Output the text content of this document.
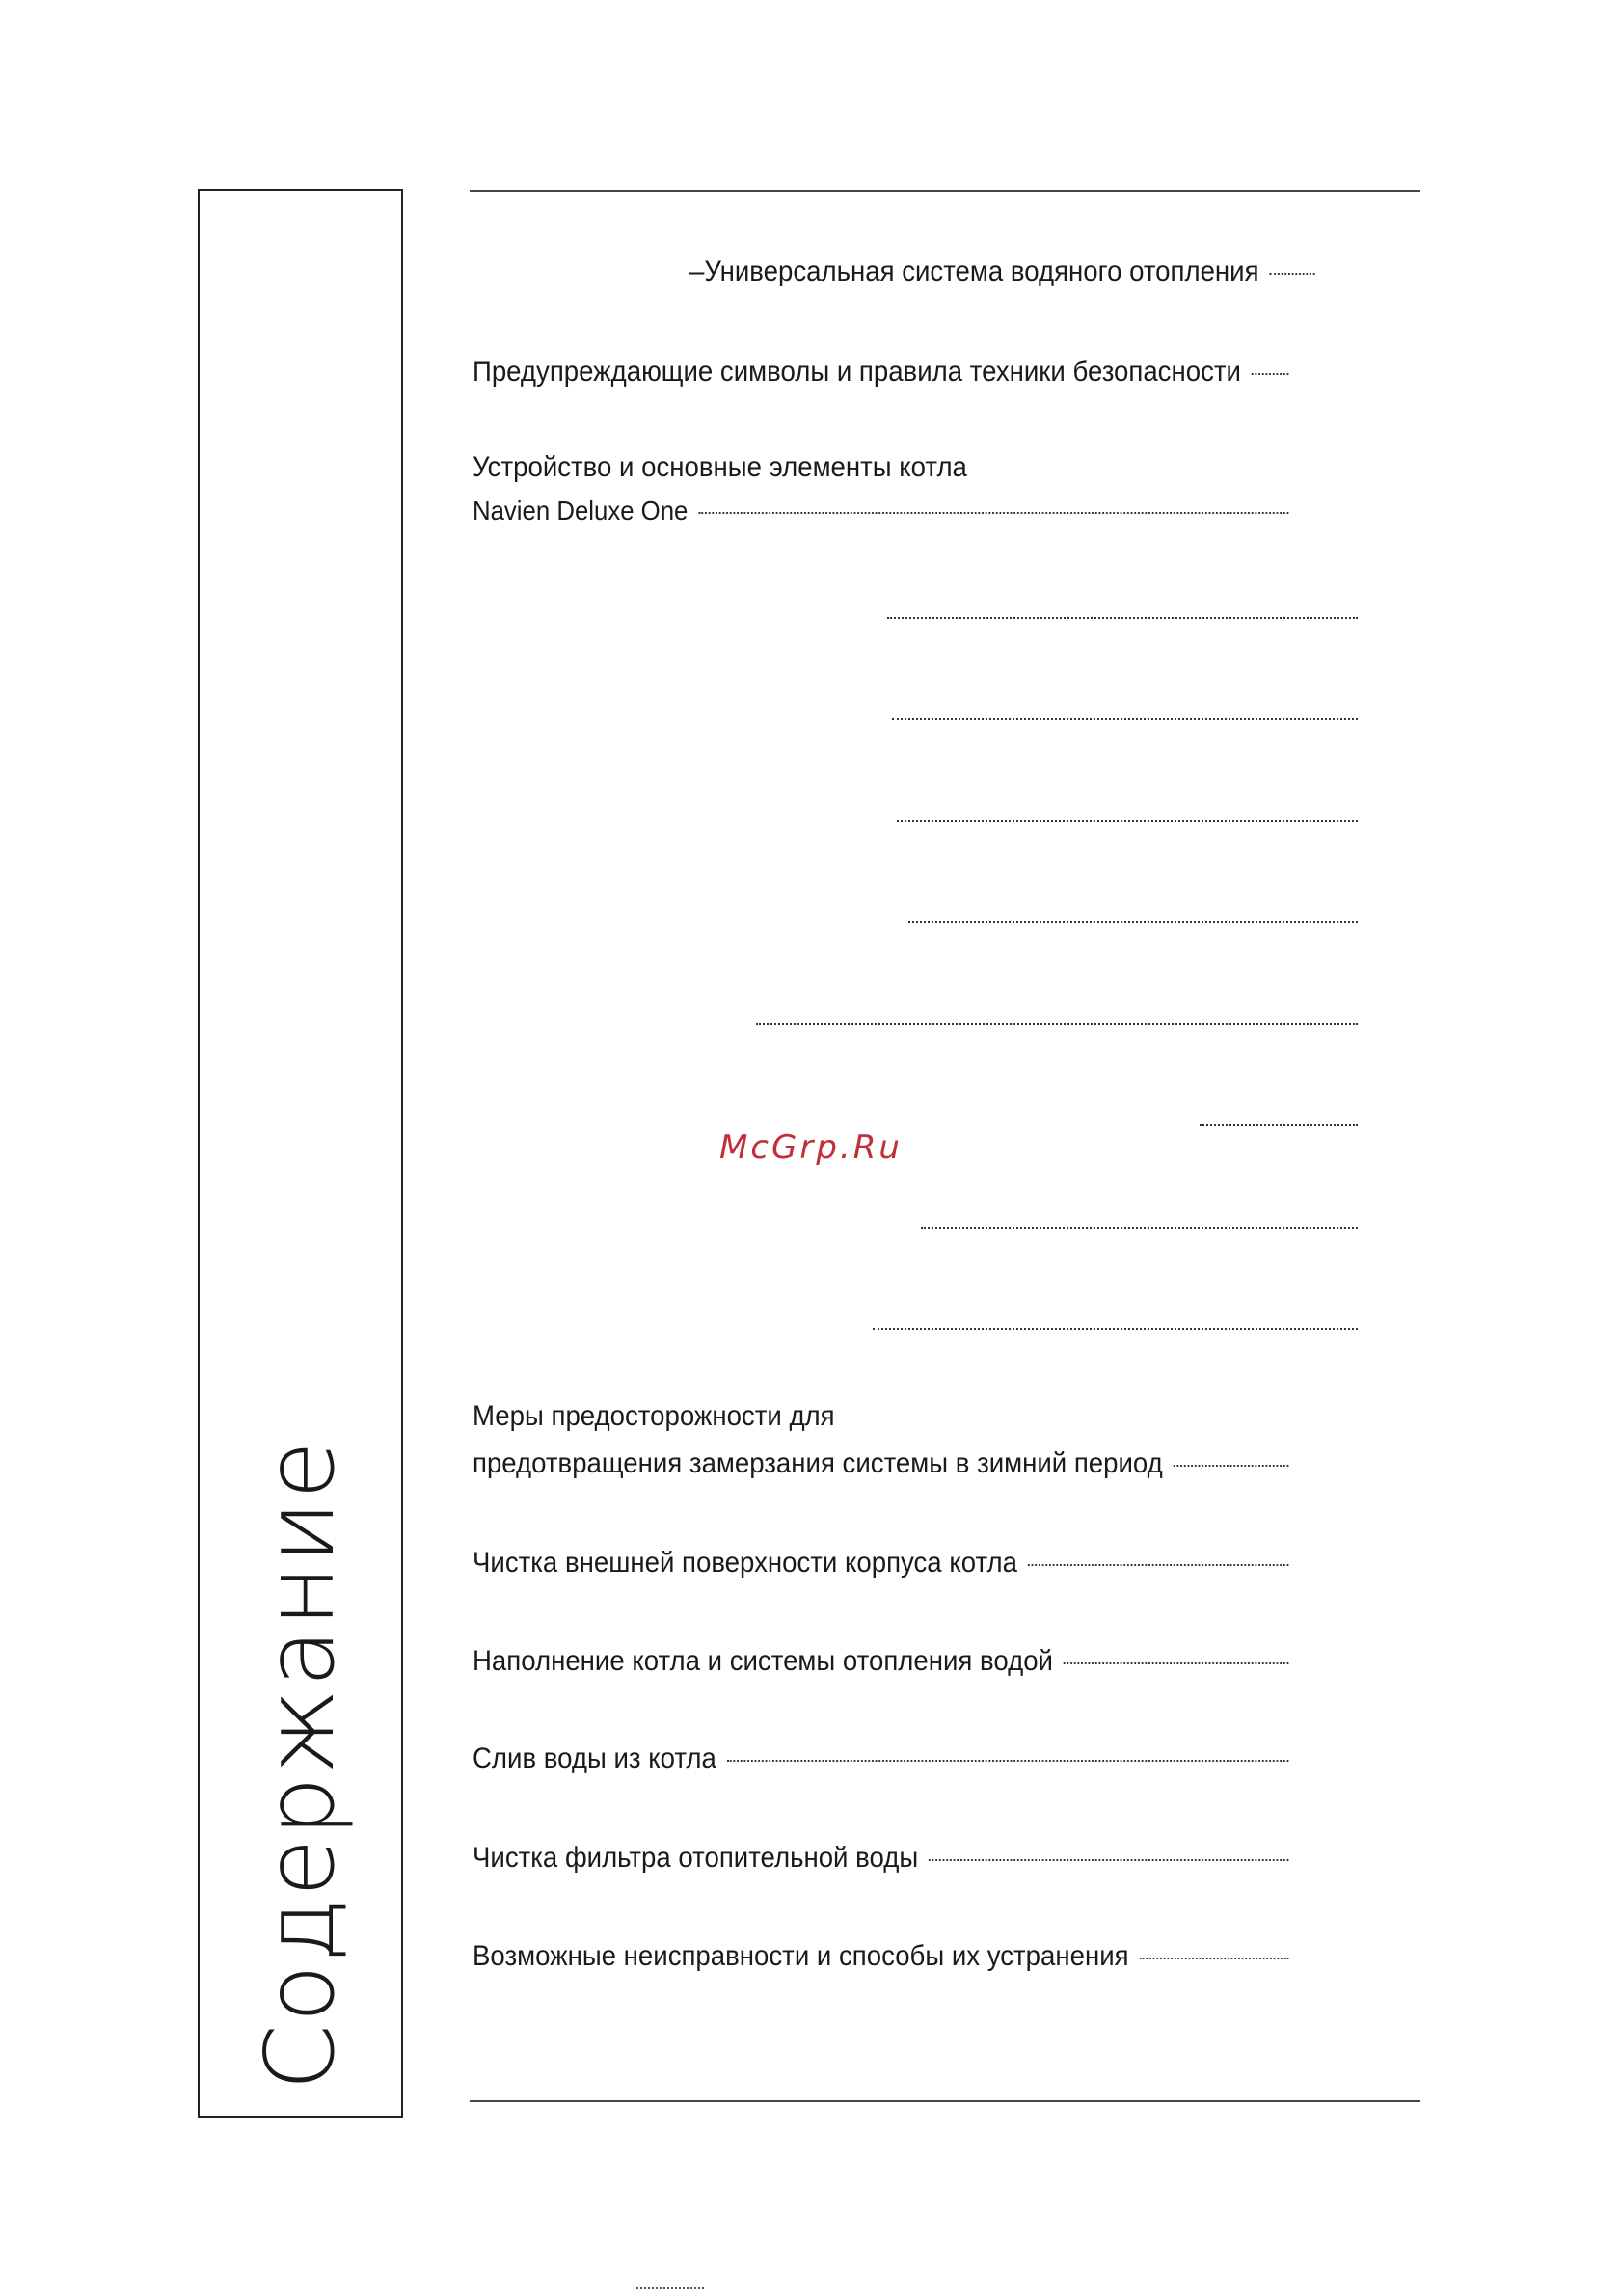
Содержание
–Универсальная система водяного отопления
Предупреждающие символы и правила техники безопасности
Устройство и основные элементы котла
Navien Deluxe One
McGrp.Ru
Меры предосторожности для
предотвращения замерзания системы в зимний период
Чистка внешней поверхности корпуса котла
Наполнение котла и системы отопления водой
Слив воды из котла
Чистка фильтра отопительной воды
Возможные неисправности и способы их устранения
